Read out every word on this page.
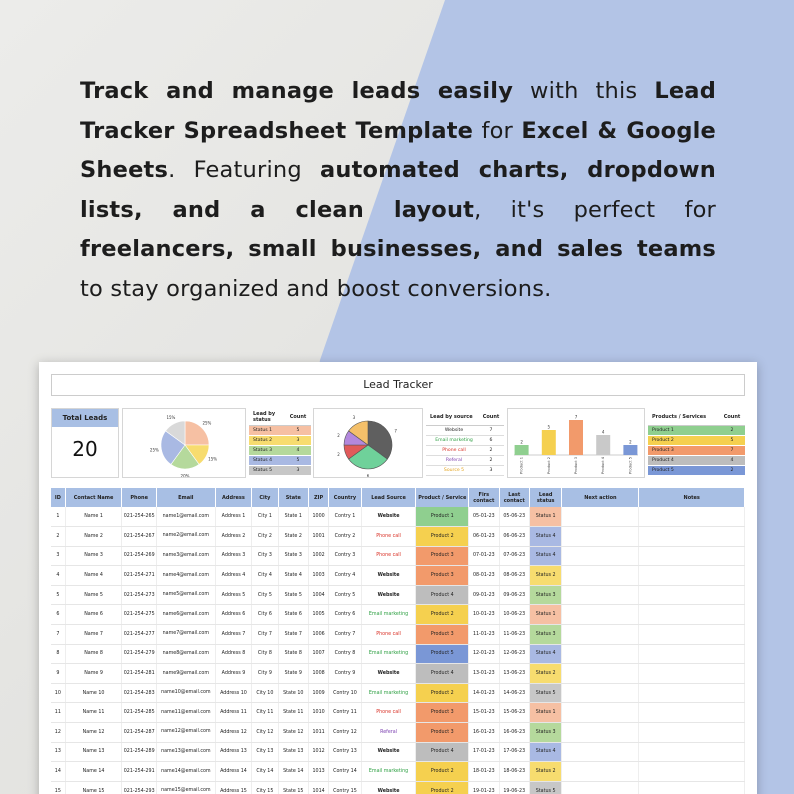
Track and manage leads easily with this Lead Tracker Spreadsheet Template for Excel & Google Sheets. Featuring automated charts, dropdown lists, and a clean layout, it's perfect for freelancers, small businesses, and sales teams to stay organized and boost conversions.

Lead Tracker
Total Leads
20
25%
15%
20%
25%
15%
Lead by status	Count
Status 1	5
Status 2	3
Status 3	4
Status 4	5
Status 5	3
7
6
2
2
3	Lead by source	Count
Website	7
Email marketing	6
Phone call	2
Referal	2
Source 5	3
2
Product 1
5
Product 2
7
Product 3
4
Product 4
2
Product 5
Products / Services	Count
Product 1	2
Product 2	5
Product 3	7
Product 4	4
Product 5	2
ID	Contact Name	Phone	Email	Address	City	State	ZIP	Country	Lead Source	Product / Service	Firs contact	Last contact	Lead status	Next action	Notes
1	Name 1	021-254-265	name1@email.com	Address 1	City 1	State 1	1000	Contry 1	Website	Product 1	05-01-23	05-06-23	Status 1		
2	Name 2	021-254-267	name2@email.com	Address 2	City 2	State 2	1001	Contry 2	Phone call	Product 2	06-01-23	06-06-23	Status 4		
3	Name 3	021-254-269	name3@email.com	Address 3	City 3	State 3	1002	Contry 3	Phone call	Product 3	07-01-23	07-06-23	Status 4		
4	Name 4	021-254-271	name4@email.com	Address 4	City 4	State 4	1003	Contry 4	Website	Product 3	08-01-23	08-06-23	Status 2		
5	Name 5	021-254-273	name5@email.com	Address 5	City 5	State 5	1004	Contry 5	Website	Product 4	09-01-23	09-06-23	Status 3		
6	Name 6	021-254-275	name6@email.com	Address 6	City 6	State 6	1005	Contry 6	Email marketing	Product 2	10-01-23	10-06-23	Status 1		
7	Name 7	021-254-277	name7@email.com	Address 7	City 7	State 7	1006	Contry 7	Phone call	Product 3	11-01-23	11-06-23	Status 3		
8	Name 8	021-254-279	name8@email.com	Address 8	City 8	State 8	1007	Contry 8	Email marketing	Product 5	12-01-23	12-06-23	Status 4		
9	Name 9	021-254-281	name9@email.com	Address 9	City 9	State 9	1008	Contry 9	Website	Product 4	13-01-23	13-06-23	Status 2		
10	Name 10	021-254-283	name10@email.com	Address 10	City 10	State 10	1009	Contry 10	Email marketing	Product 2	14-01-23	14-06-23	Status 5		
11	Name 11	021-254-285	name11@email.com	Address 11	City 11	State 11	1010	Contry 11	Phone call	Product 3	15-01-23	15-06-23	Status 1		
12	Name 12	021-254-287	name12@email.com	Address 12	City 12	State 12	1011	Contry 12	Referal	Product 3	16-01-23	16-06-23	Status 3		
13	Name 13	021-254-289	name13@email.com	Address 13	City 13	State 13	1012	Contry 13	Website	Product 4	17-01-23	17-06-23	Status 4		
14	Name 14	021-254-291	name14@email.com	Address 14	City 14	State 14	1013	Contry 14	Email marketing	Product 2	18-01-23	18-06-23	Status 2		
15	Name 15	021-254-293	name15@email.com	Address 15	City 15	State 15	1014	Contry 15	Website	Product 2	19-01-23	19-06-23	Status 5		
